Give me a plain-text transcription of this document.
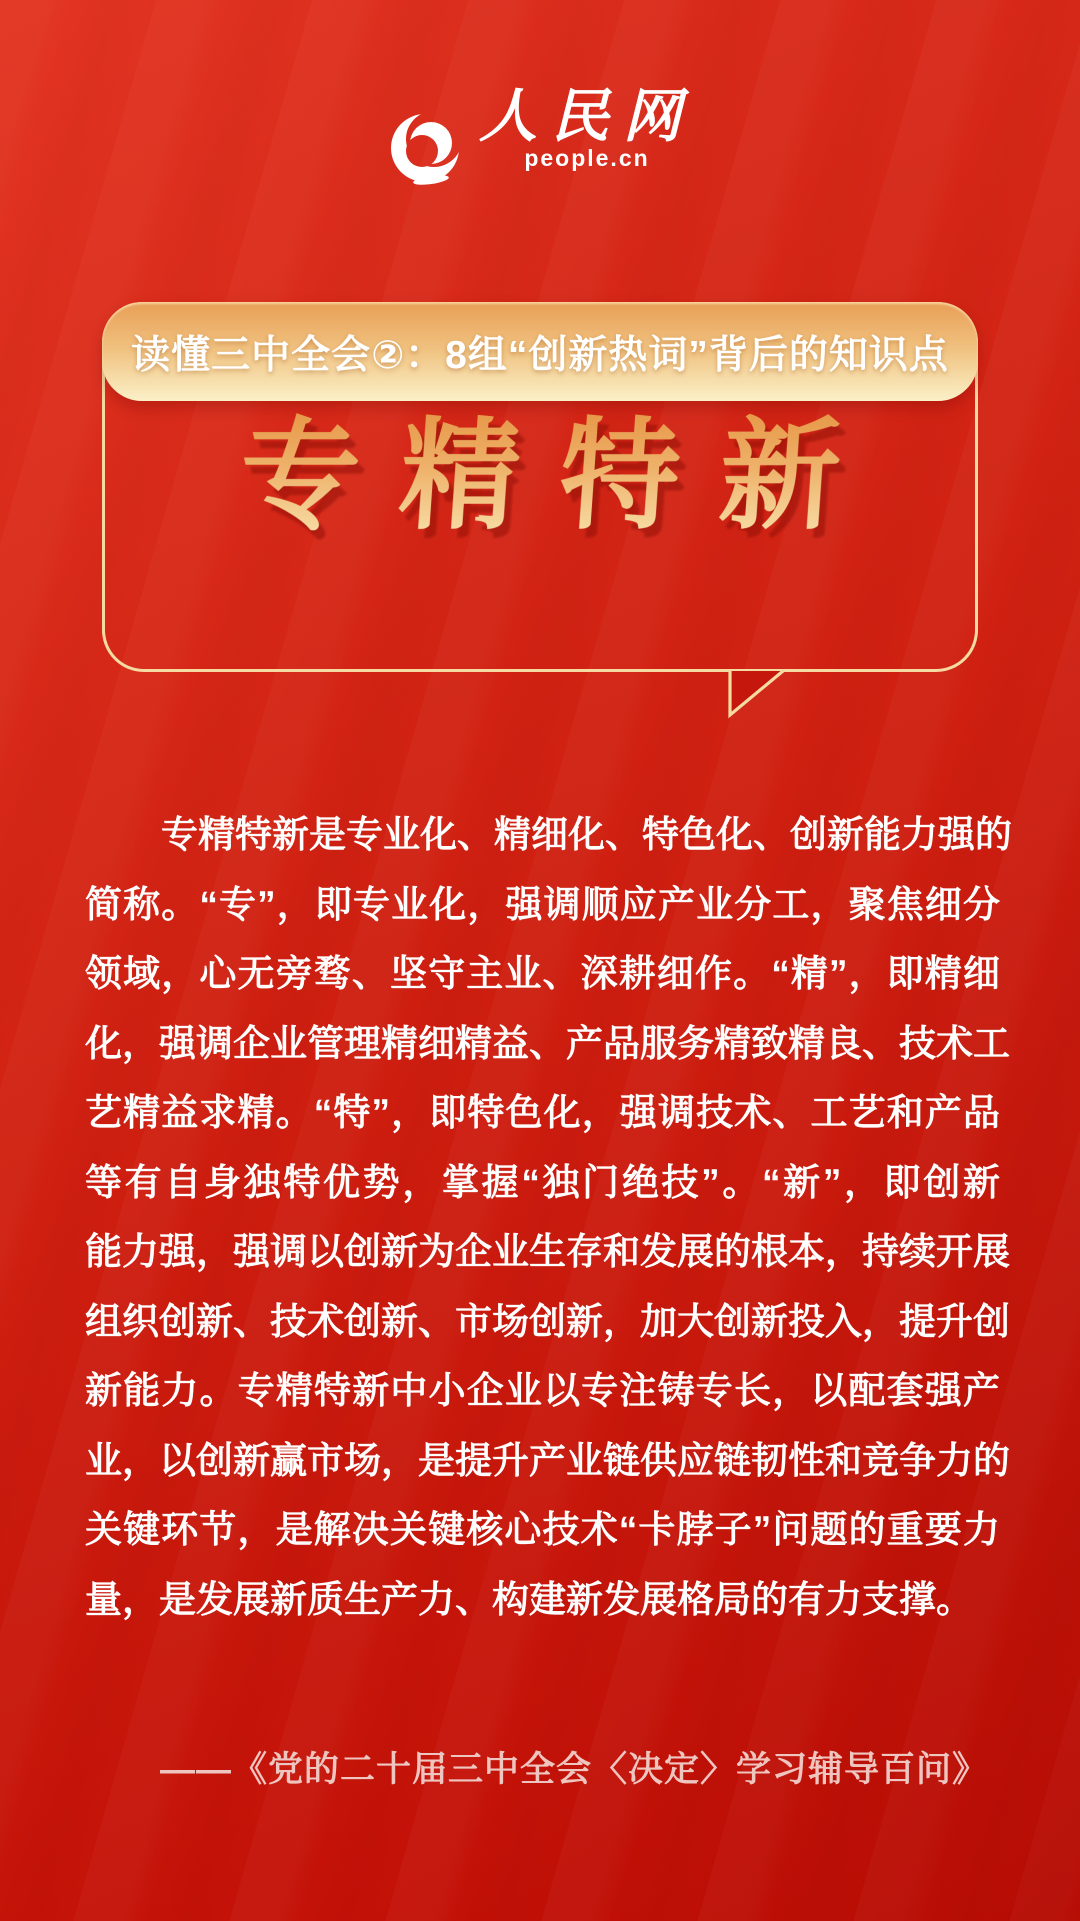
人民网
people.cn
读懂三中全会②：8组“创新热词”背后的知识点
专精特新
专精特新是专业化、精细化、特色化、创新能力强的
简称。“专”，即专业化，强调顺应产业分工，聚焦细分
领域，心无旁骛、坚守主业、深耕细作。“精”，即精细
化，强调企业管理精细精益、产品服务精致精良、技术工
艺精益求精。“特”，即特色化，强调技术、工艺和产品
等有自身独特优势，掌握“独门绝技”。“新”，即创新
能力强，强调以创新为企业生存和发展的根本，持续开展
组织创新、技术创新、市场创新，加大创新投入，提升创
新能力。专精特新中小企业以专注铸专长，以配套强产
业，以创新赢市场，是提升产业链供应链韧性和竞争力的
关键环节，是解决关键核心技术“卡脖子”问题的重要力
量，是发展新质生产力、构建新发展格局的有力支撑。
——《党的二十届三中全会〈决定〉学习辅导百问》
